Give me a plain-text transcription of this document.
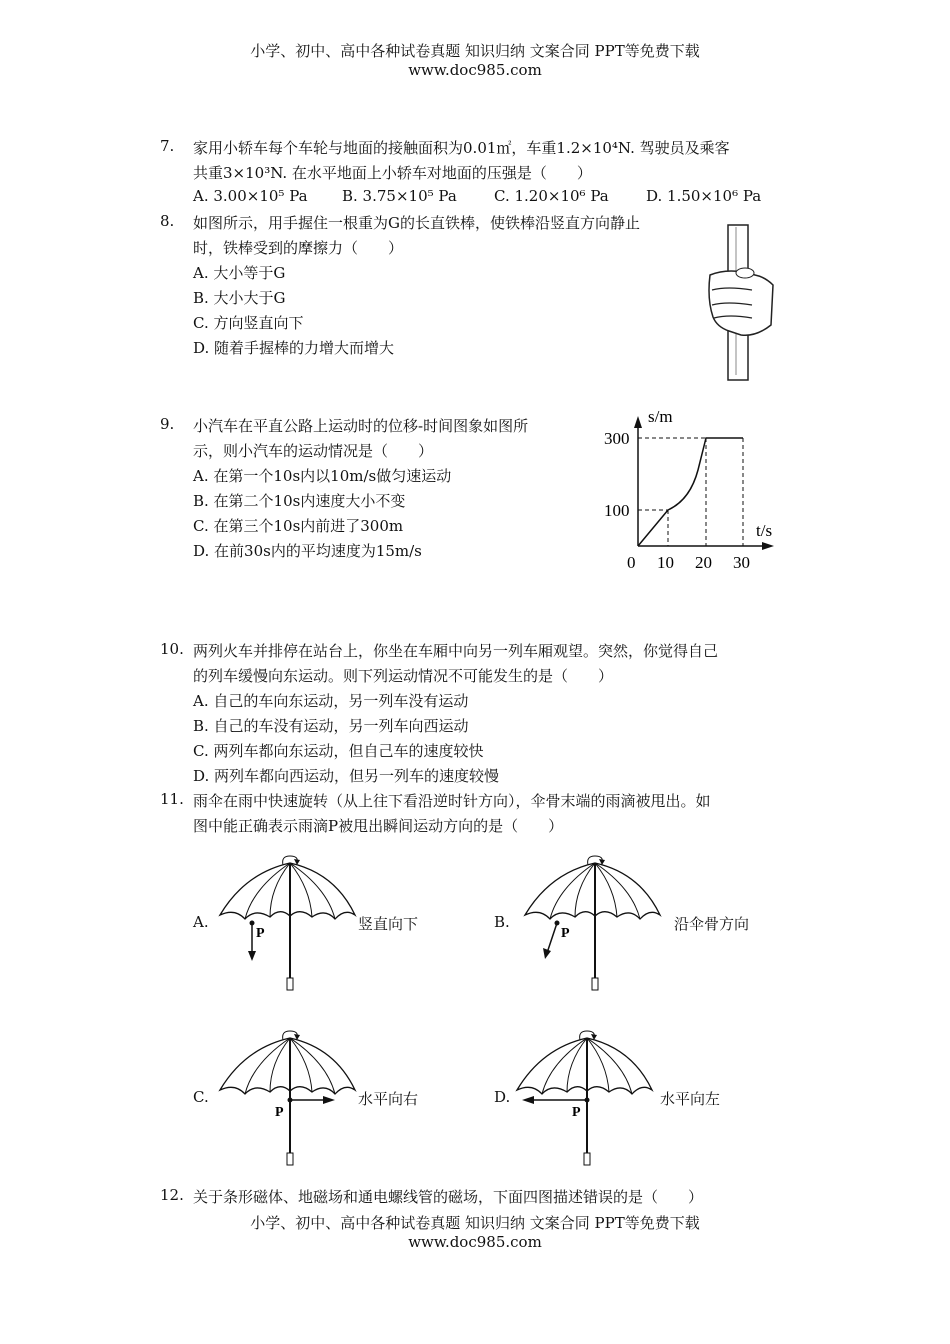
小学、初中、高中各种试卷真题 知识归纳 文案合同 PPT等免费下载
www.doc985.com
7. 家用小轿车每个车轮与地面的接触面积为0.01㎡，车重1.2×10⁴N. 驾驶员及乘客
共重3×10³N. 在水平地面上小轿车对地面的压强是（　　）
A. 3.00×10⁵ Pa B. 3.75×10⁵ Pa C. 1.20×10⁶ Pa D. 1.50×10⁶ Pa
8. 如图所示，用手握住一根重为G的长直铁棒，使铁棒沿竖直方向静止
时，铁棒受到的摩擦力（　　）
A. 大小等于G
B. 大小大于G
C. 方向竖直向下
D. 随着手握棒的力增大而增大
9. 小汽车在平直公路上运动时的位移-时间图象如图所
示，则小汽车的运动情况是（　　）
A. 在第一个10s内以10m/s做匀速运动
B. 在第二个10s内速度大小不变
C. 在第三个10s内前进了300m
D. 在前30s内的平均速度为15m/s
s/m
t/s
100
300
0 10 20 30
10. 两列火车并排停在站台上，你坐在车厢中向另一列车厢观望。突然，你觉得自己
的列车缓慢向东运动。则下列运动情况不可能发生的是（　　）
A. 自己的车向东运动，另一列车没有运动
B. 自己的车没有运动，另一列车向西运动
C. 两列车都向东运动，但自己车的速度较快
D. 两列车都向西运动，但另一列车的速度较慢
11. 雨伞在雨中快速旋转（从上往下看沿逆时针方向），伞骨末端的雨滴被甩出。如
图中能正确表示雨滴P被甩出瞬间运动方向的是（　　）
A.	竖直向下	B.	沿伞骨方向
C.	水平向右	D.	水平向左
P	P
P	P
12. 关于条形磁体、地磁场和通电螺线管的磁场，下面四图描述错误的是（　　）
小学、初中、高中各种试卷真题 知识归纳 文案合同 PPT等免费下载
www.doc985.com
